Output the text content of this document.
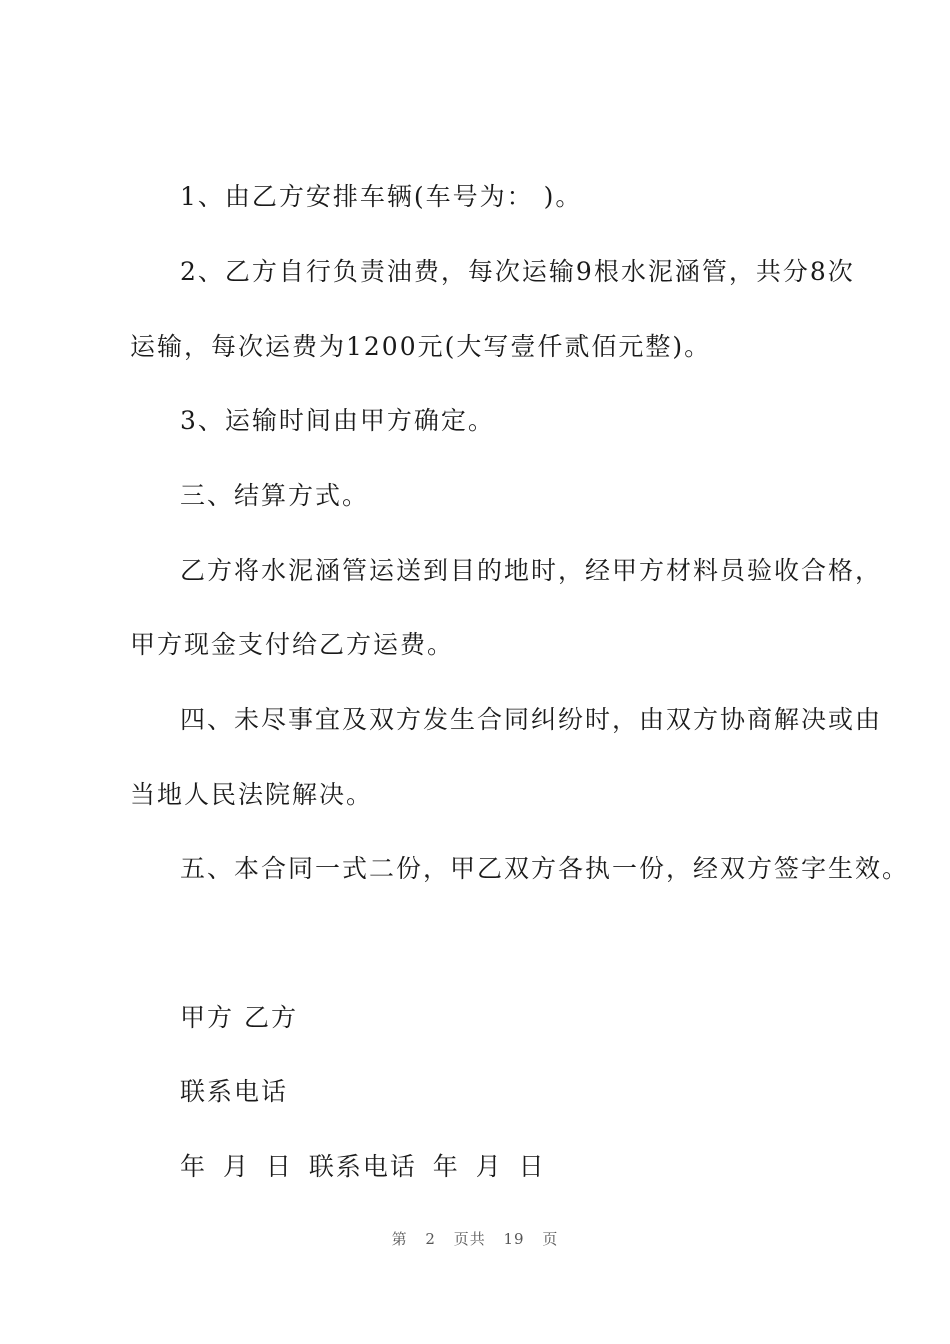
1、由乙方安排车辆(车号为： )。
2、乙方自行负责油费，每次运输9根水泥涵管，共分8次
运输，每次运费为1200元(大写壹仟贰佰元整)。
3、运输时间由甲方确定。
三、结算方式。
乙方将水泥涵管运送到目的地时，经甲方材料员验收合格，
甲方现金支付给乙方运费。
四、未尽事宜及双方发生合同纠纷时，由双方协商解决或由
当地人民法院解决。
五、本合同一式二份，甲乙双方各执一份，经双方签字生效。
甲方 乙方
联系电话
年 月 日 联系电话 年 月 日
第 2 页共 19 页
